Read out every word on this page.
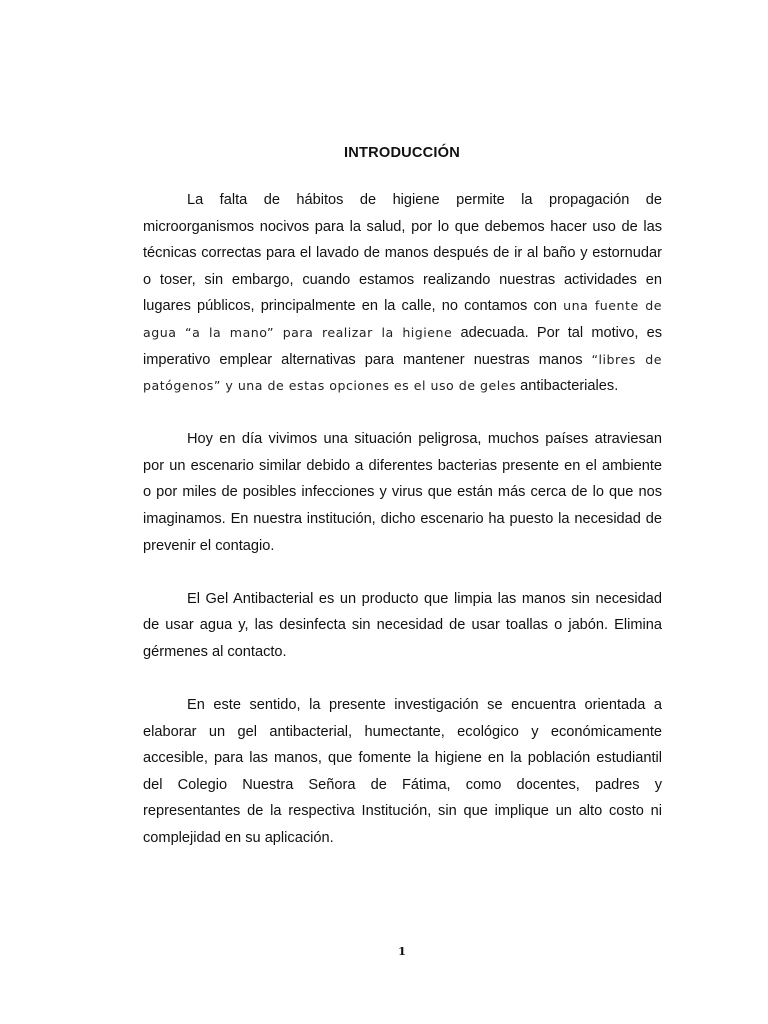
INTRODUCCIÓN

La falta de hábitos de higiene permite la propagación de microorganismos nocivos para la salud, por lo que debemos hacer uso de las técnicas correctas para el lavado de manos después de ir al baño y estornudar o toser, sin embargo, cuando estamos realizando nuestras actividades en lugares públicos, principalmente en la calle, no contamos con una fuente de agua “a la mano” para realizar la higiene adecuada. Por tal motivo, es imperativo emplear alternativas para mantener nuestras manos “libres de patógenos” y una de estas opciones es el uso de geles antibacteriales.

Hoy en día vivimos una situación peligrosa, muchos países atraviesan por un escenario similar debido a diferentes bacterias presente en el ambiente o por miles de posibles infecciones y virus que están más cerca de lo que nos imaginamos. En nuestra institución, dicho escenario ha puesto la necesidad de prevenir el contagio.

El Gel Antibacterial es un producto que limpia las manos sin necesidad de usar agua y, las desinfecta sin necesidad de usar toallas o jabón. Elimina gérmenes al contacto.

En este sentido, la presente investigación se encuentra orientada a elaborar un gel antibacterial, humectante, ecológico y económicamente accesible, para las manos, que fomente la higiene en la población estudiantil del Colegio Nuestra Señora de Fátima, como docentes, padres y representantes de la respectiva Institución, sin que implique un alto costo ni complejidad en su aplicación.

1
